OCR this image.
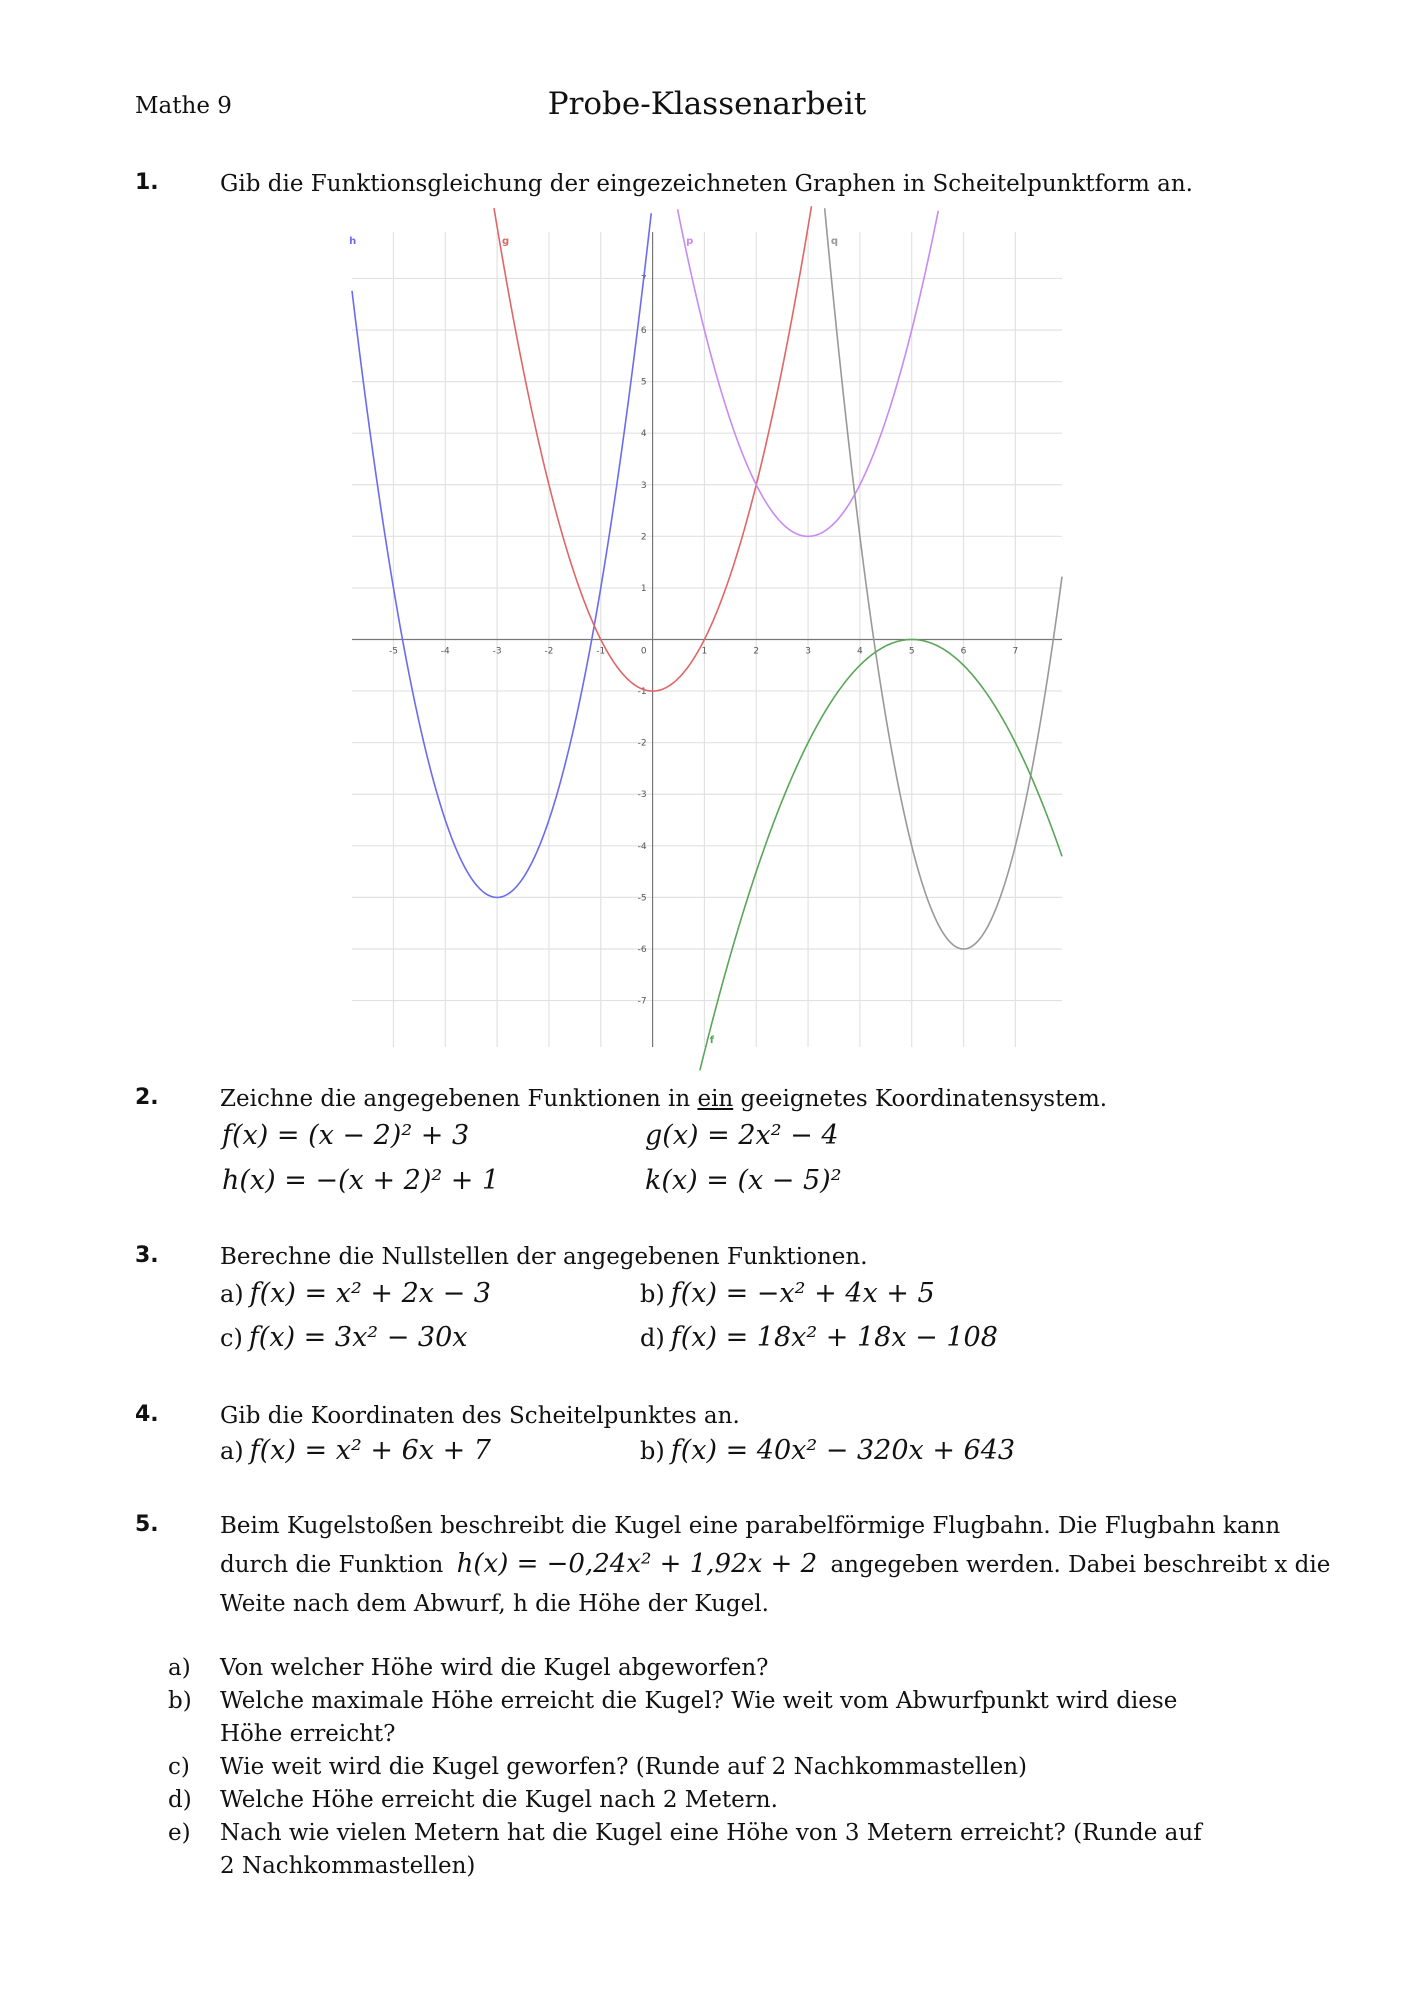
Mathe 9	Probe-Klassenarbeit
1.	Gib die Funktionsgleichung der eingezeichneten Graphen in Scheitelpunktform an.
-5	-4	-3	-2	-1	1	2	3	4	5	6	7
-7
-6
-5
-4
-3
-2
-1
1
2
3
4
5
6
7
0
h	g	p	q
f
2.	Zeichne die angegebenen Funktionen in ein geeignetes Koordinatensystem.
f(x) = (x − 2)² + 3	g(x) = 2x² − 4
h(x) = −(x + 2)² + 1	k(x) = (x − 5)²
3.	Berechne die Nullstellen der angegebenen Funktionen.
a) f(x) = x² + 2x − 3	b) f(x) = −x² + 4x + 5
c) f(x) = 3x² − 30x	d) f(x) = 18x² + 18x − 108
4.	Gib die Koordinaten des Scheitelpunktes an.
a) f(x) = x² + 6x + 7	b) f(x) = 40x² − 320x + 643
5.	Beim Kugelstoßen beschreibt die Kugel eine parabelförmige Flugbahn. Die Flugbahn kann
durch die Funktion h(x) = −0,24x² + 1,92x + 2 angegeben werden. Dabei beschreibt x die
Weite nach dem Abwurf, h die Höhe der Kugel.
a) Von welcher Höhe wird die Kugel abgeworfen?
b) Welche maximale Höhe erreicht die Kugel? Wie weit vom Abwurfpunkt wird diese Höhe erreicht?
c) Wie weit wird die Kugel geworfen? (Runde auf 2 Nachkommastellen)
d) Welche Höhe erreicht die Kugel nach 2 Metern.
e) Nach wie vielen Metern hat die Kugel eine Höhe von 3 Metern erreicht? (Runde auf 2 Nachkommastellen)
